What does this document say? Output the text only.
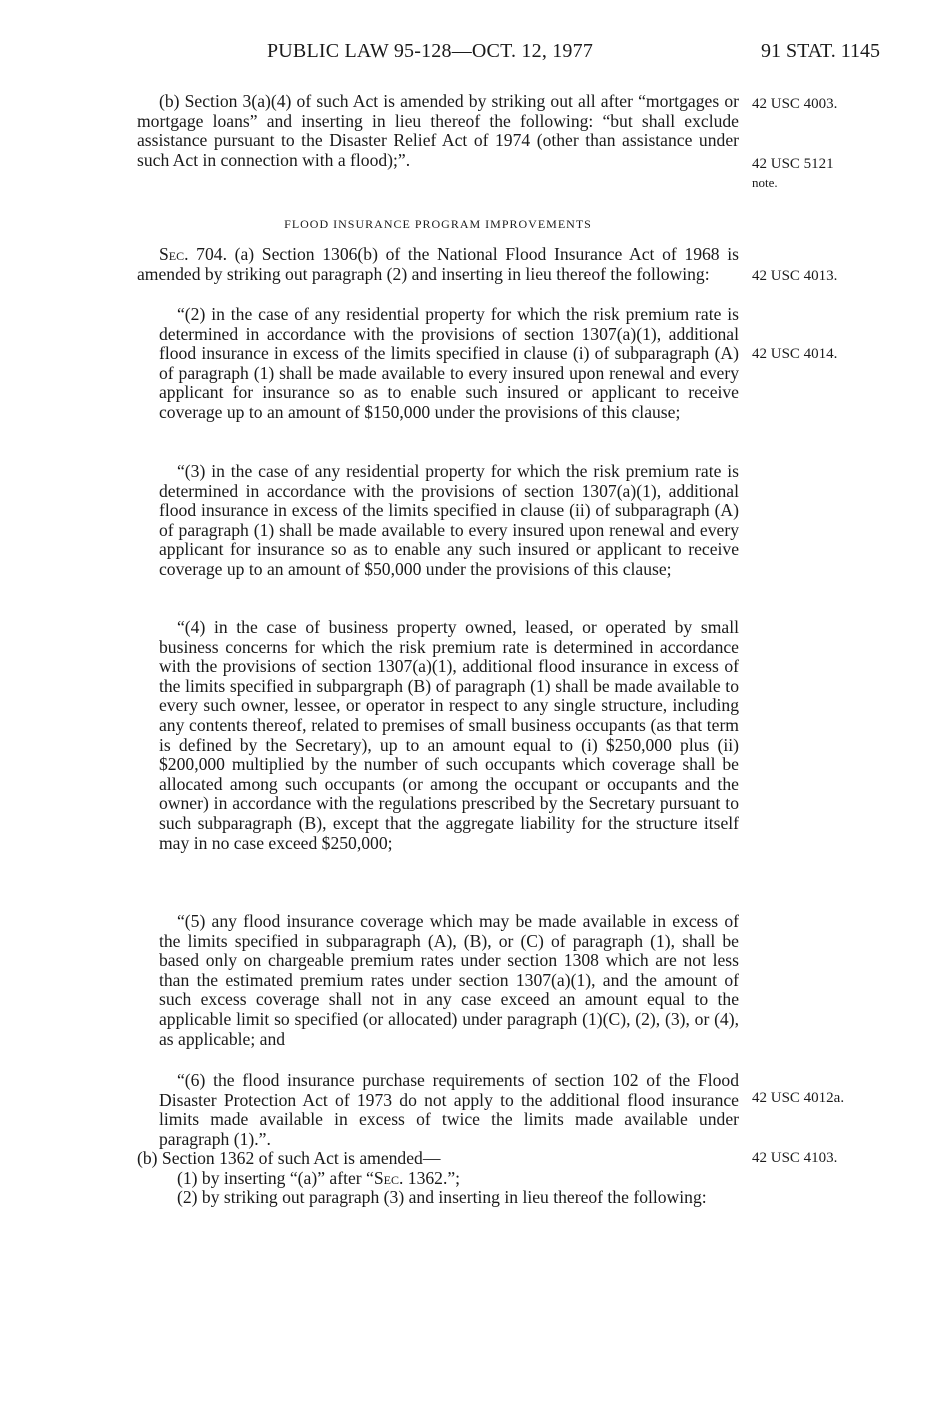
PUBLIC LAW 95-128—OCT. 12, 1977	91 STAT. 1145

(b) Section 3(a)(4) of such Act is amended by striking out all after “mortgages or mortgage loans” and inserting in lieu thereof the following: “but shall exclude assistance pursuant to the Disaster Relief Act of 1974 (other than assistance under such Act in connection with a flood);”.

FLOOD INSURANCE PROGRAM IMPROVEMENTS

Sec. 704. (a) Section 1306(b) of the National Flood Insurance Act of 1968 is amended by striking out paragraph (2) and inserting in lieu thereof the following:

“(2) in the case of any residential property for which the risk premium rate is determined in accordance with the provisions of section 1307(a)(1), additional flood insurance in excess of the limits specified in clause (i) of subparagraph (A) of paragraph (1) shall be made available to every insured upon renewal and every applicant for insurance so as to enable such insured or applicant to receive coverage up to an amount of $150,000 under the provisions of this clause;

“(3) in the case of any residential property for which the risk premium rate is determined in accordance with the provisions of section 1307(a)(1), additional flood insurance in excess of the limits specified in clause (ii) of subparagraph (A) of paragraph (1) shall be made available to every insured upon renewal and every applicant for insurance so as to enable any such insured or applicant to receive coverage up to an amount of $50,000 under the provisions of this clause;

“(4) in the case of business property owned, leased, or operated by small business concerns for which the risk premium rate is determined in accordance with the provisions of section 1307(a)(1), additional flood insurance in excess of the limits specified in subpargraph (B) of paragraph (1) shall be made available to every such owner, lessee, or operator in respect to any single structure, including any contents thereof, related to premises of small business occupants (as that term is defined by the Secretary), up to an amount equal to (i) $250,000 plus (ii) $200,000 multiplied by the number of such occupants which coverage shall be allocated among such occupants (or among the occupant or occupants and the owner) in accordance with the regulations prescribed by the Secretary pursuant to such subparagraph (B), except that the aggregate liability for the structure itself may in no case exceed $250,000;

“(5) any flood insurance coverage which may be made available in excess of the limits specified in subparagraph (A), (B), or (C) of paragraph (1), shall be based only on chargeable premium rates under section 1308 which are not less than the estimated premium rates under section 1307(a)(1), and the amount of such excess coverage shall not in any case exceed an amount equal to the applicable limit so specified (or allocated) under paragraph (1)(C), (2), (3), or (4), as applicable; and

“(6) the flood insurance purchase requirements of section 102 of the Flood Disaster Protection Act of 1973 do not apply to the additional flood insurance limits made available in excess of twice the limits made available under paragraph (1).”.

(b) Section 1362 of such Act is amended—

(1) by inserting “(a)” after “Sec. 1362.”;

(2) by striking out paragraph (3) and inserting in lieu thereof the following:

42 USC 4003.
42 USC 5121
note.
42 USC 4013.
42 USC 4014.
42 USC 4012a.
42 USC 4103.
